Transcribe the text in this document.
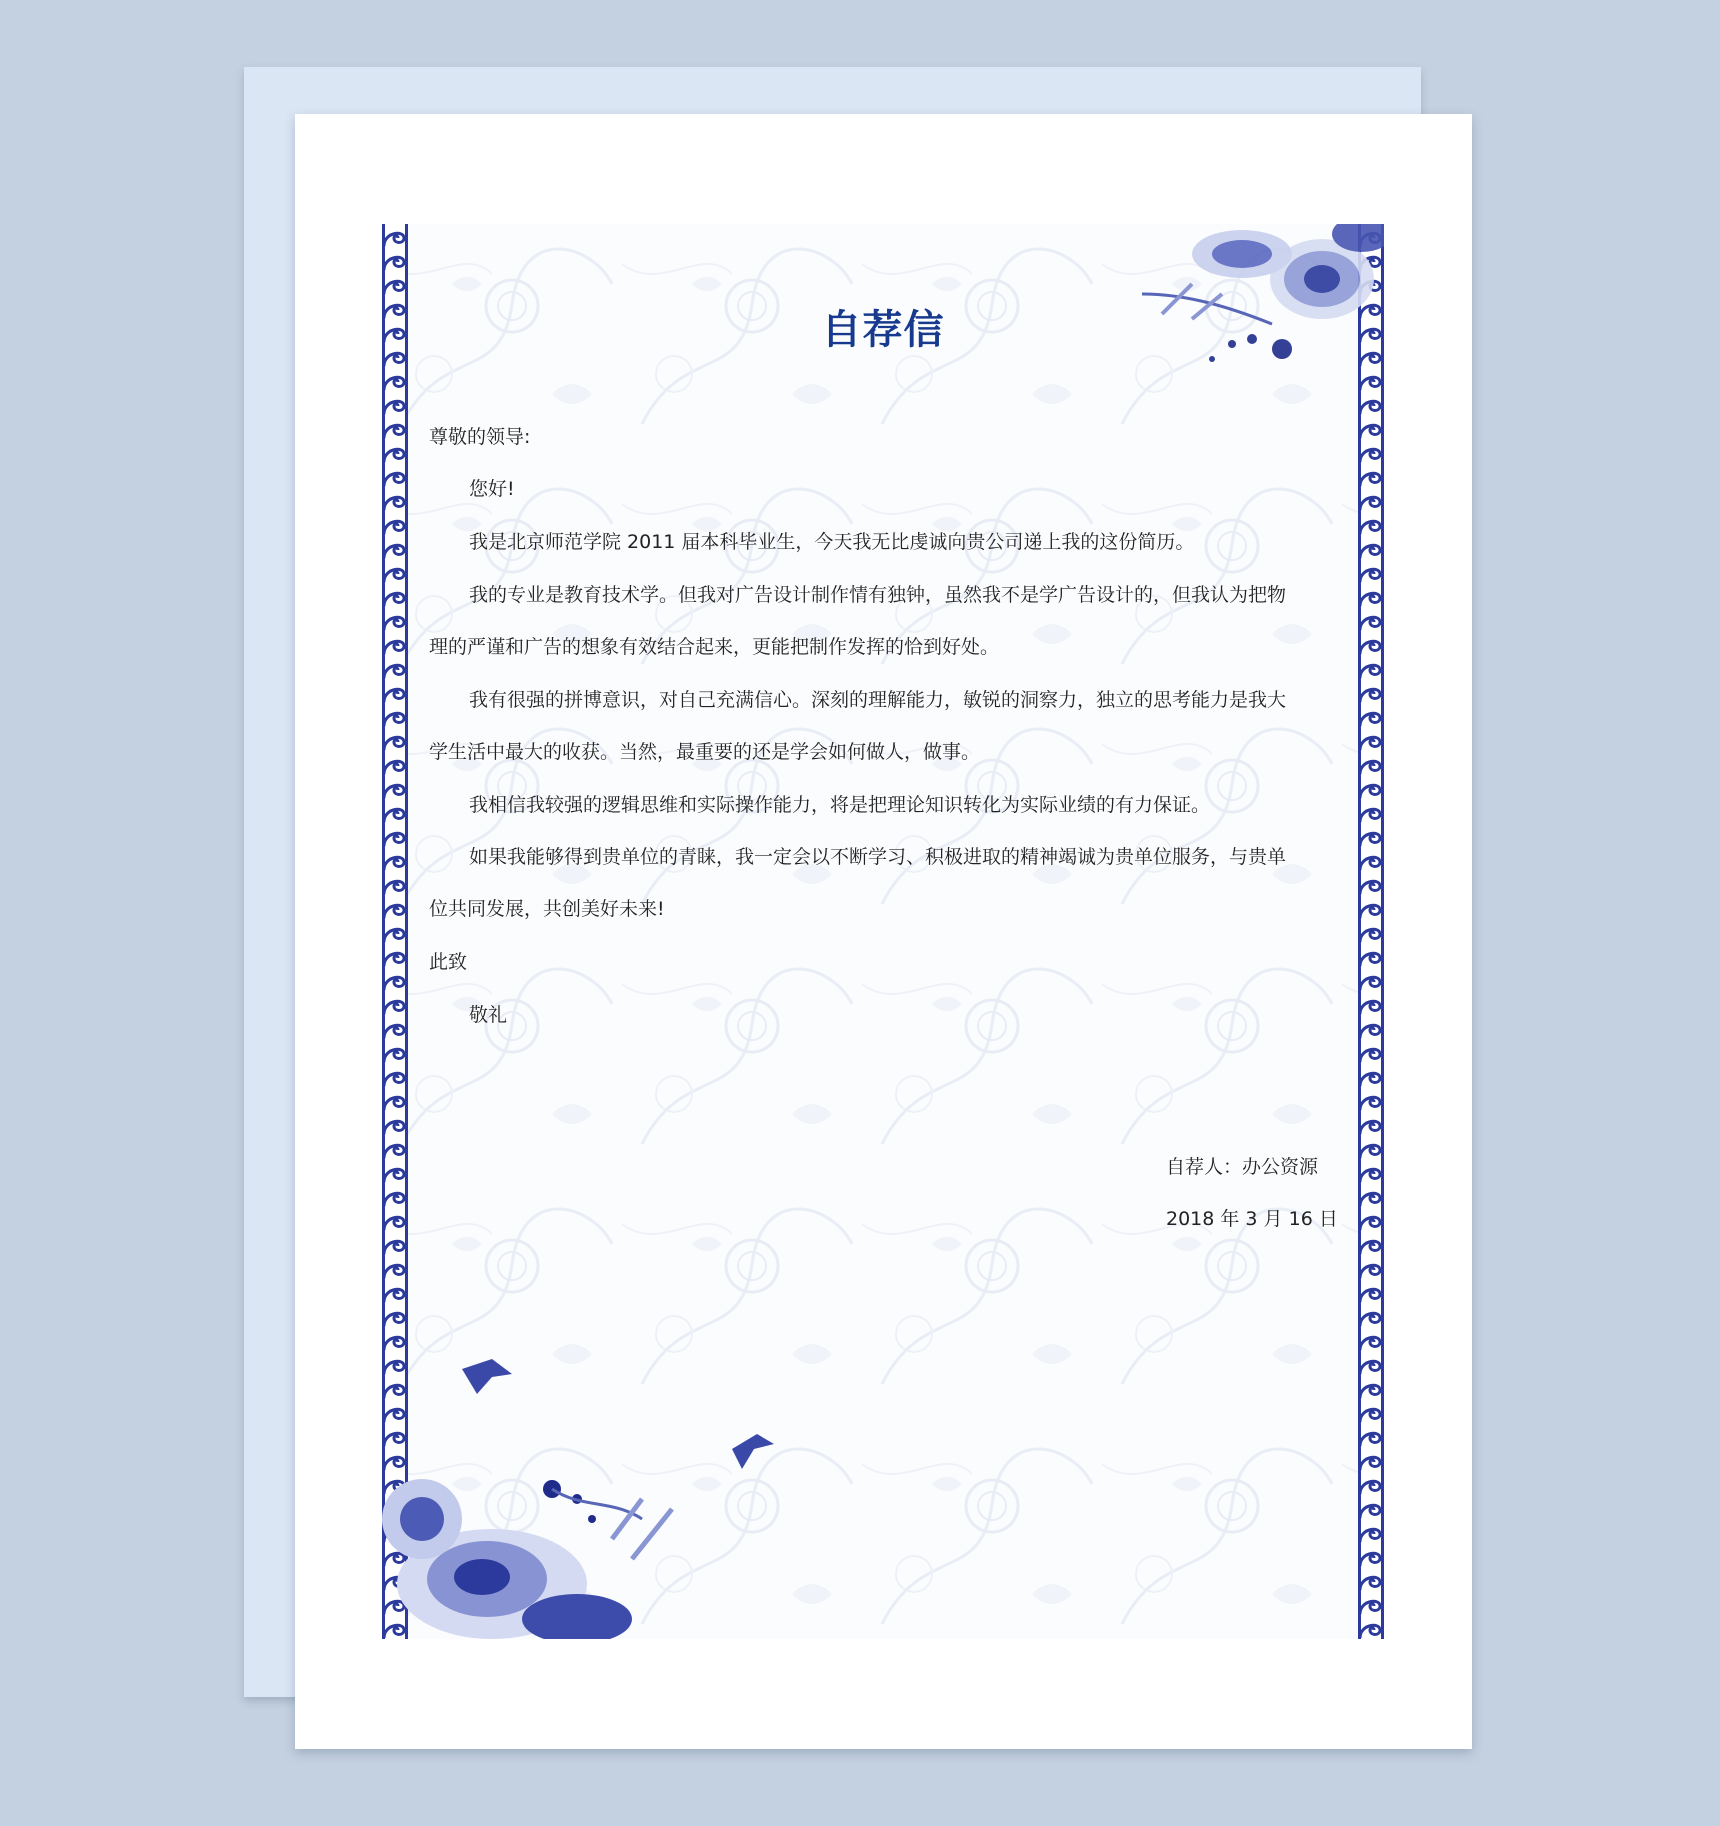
自荐信

尊敬的领导:

您好!

我是北京师范学院 2011 届本科毕业生，今天我无比虔诚向贵公司递上我的这份简历。

我的专业是教育技术学。但我对广告设计制作情有独钟，虽然我不是学广告设计的，但我认为把物

理的严谨和广告的想象有效结合起来，更能把制作发挥的恰到好处。

我有很强的拼博意识，对自己充满信心。深刻的理解能力，敏锐的洞察力，独立的思考能力是我大

学生活中最大的收获。当然，最重要的还是学会如何做人，做事。

我相信我较强的逻辑思维和实际操作能力，将是把理论知识转化为实际业绩的有力保证。

如果我能够得到贵单位的青睐，我一定会以不断学习、积极进取的精神竭诚为贵单位服务，与贵单

位共同发展，共创美好未来!

此致

敬礼

自荐人：办公资源

2018 年 3 月 16 日
